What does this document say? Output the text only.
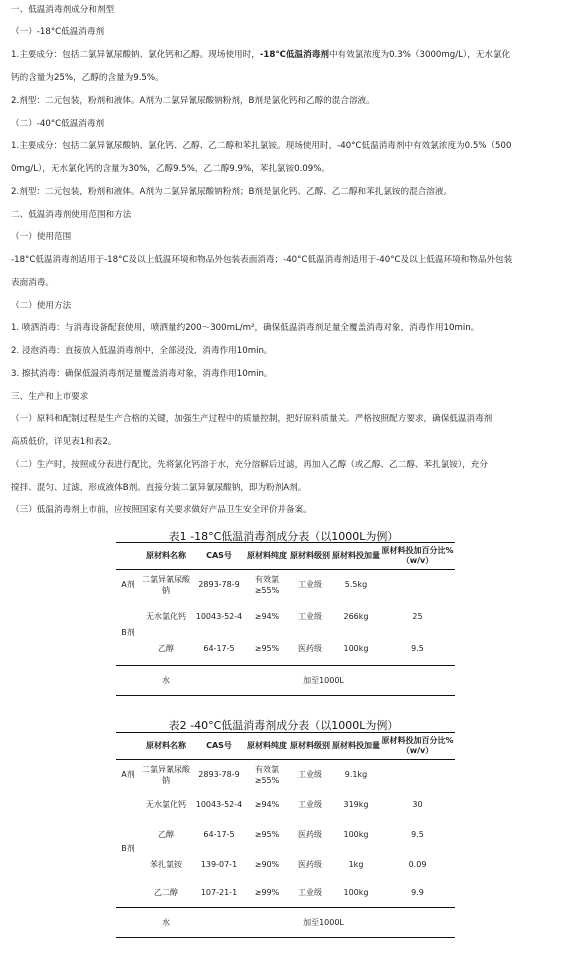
一、低温消毒剂成分和剂型
（一）-18°C低温消毒剂
1.主要成分：包括二氯异氰尿酸钠、氯化钙和乙醇。现场使用时，-18°C低温消毒剂中有效氯浓度为0.3%（3000mg/L），无水氯化
钙的含量为25%，乙醇的含量为9.5%。
2.剂型：二元包装，粉剂和液体。A剂为二氯异氰尿酸钠粉剂，B剂是氯化钙和乙醇的混合溶液。
（二）-40°C低温消毒剂
1.主要成分：包括二氯异氰尿酸钠、氯化钙、乙醇、乙二醇和苯扎氯铵。现场使用时，-40°C低温消毒剂中有效氯浓度为0.5%（500
0mg/L），无水氯化钙的含量为30%，乙醇9.5%，乙二醇9.9%，苯扎氯铵0.09%。
2.剂型：二元包装，粉剂和液体。A剂为二氯异氰尿酸钠粉剂；B剂是氯化钙、乙醇、乙二醇和苯扎氯铵的混合溶液。
二、低温消毒剂使用范围和方法
（一）使用范围
-18°C低温消毒剂适用于-18°C及以上低温环境和物品外包装表面消毒；-40°C低温消毒剂适用于-40°C及以上低温环境和物品外包装
表面消毒。
（二）使用方法
1. 喷洒消毒：与消毒设备配套使用，喷洒量约200～300mL/m²，确保低温消毒剂足量全覆盖消毒对象，消毒作用10min。
2. 浸泡消毒：直接放入低温消毒剂中，全部浸没，消毒作用10min。
3. 擦拭消毒：确保低温消毒剂足量覆盖消毒对象，消毒作用10min。
三、生产和上市要求
（一）原料和配制过程是生产合格的关键，加强生产过程中的质量控制，把好原料质量关。严格按照配方要求，确保低温消毒剂
高质低价，详见表1和表2。
（二）生产时，按照成分表进行配比，先将氯化钙溶于水，充分溶解后过滤，再加入乙醇（或乙醇、乙二醇、苯扎氯铵），充分
搅拌、混匀、过滤，形成液体B剂。直接分装二氯异氰尿酸钠，即为粉剂A剂。
（三）低温消毒剂上市前，应按照国家有关要求做好产品卫生安全评价并备案。
表1 -18°C低温消毒剂成分表（以1000L为例）
	原材料名称	CAS号	原材料纯度	原材料级别	原材料投加量	原材料投加百分比%（w/v）
A剂	二氯异氰尿酸钠	2893-78-9	有效氯≥55%	工业级	5.5kg	
B剂	无水氯化钙	10043-52-4	≥94%	工业级	266kg	25
	乙醇	64-17-5	≥95%	医药级	100kg	9.5
	水	加至1000L				
表2 -40°C低温消毒剂成分表（以1000L为例）
	原材料名称	CAS号	原材料纯度	原材料级别	原材料投加量	原材料投加百分比%（w/v）
A剂	二氯异氰尿酸钠	2893-78-9	有效氯≥55%	工业级	9.1kg	
B剂	无水氯化钙	10043-52-4	≥94%	工业级	319kg	30
	乙醇	64-17-5	≥95%	医药级	100kg	9.5
	苯扎氯铵	139-07-1	≥90%	医药级	1kg	0.09
	乙二醇	107-21-1	≥99%	工业级	100kg	9.9
	水	加至1000L				
